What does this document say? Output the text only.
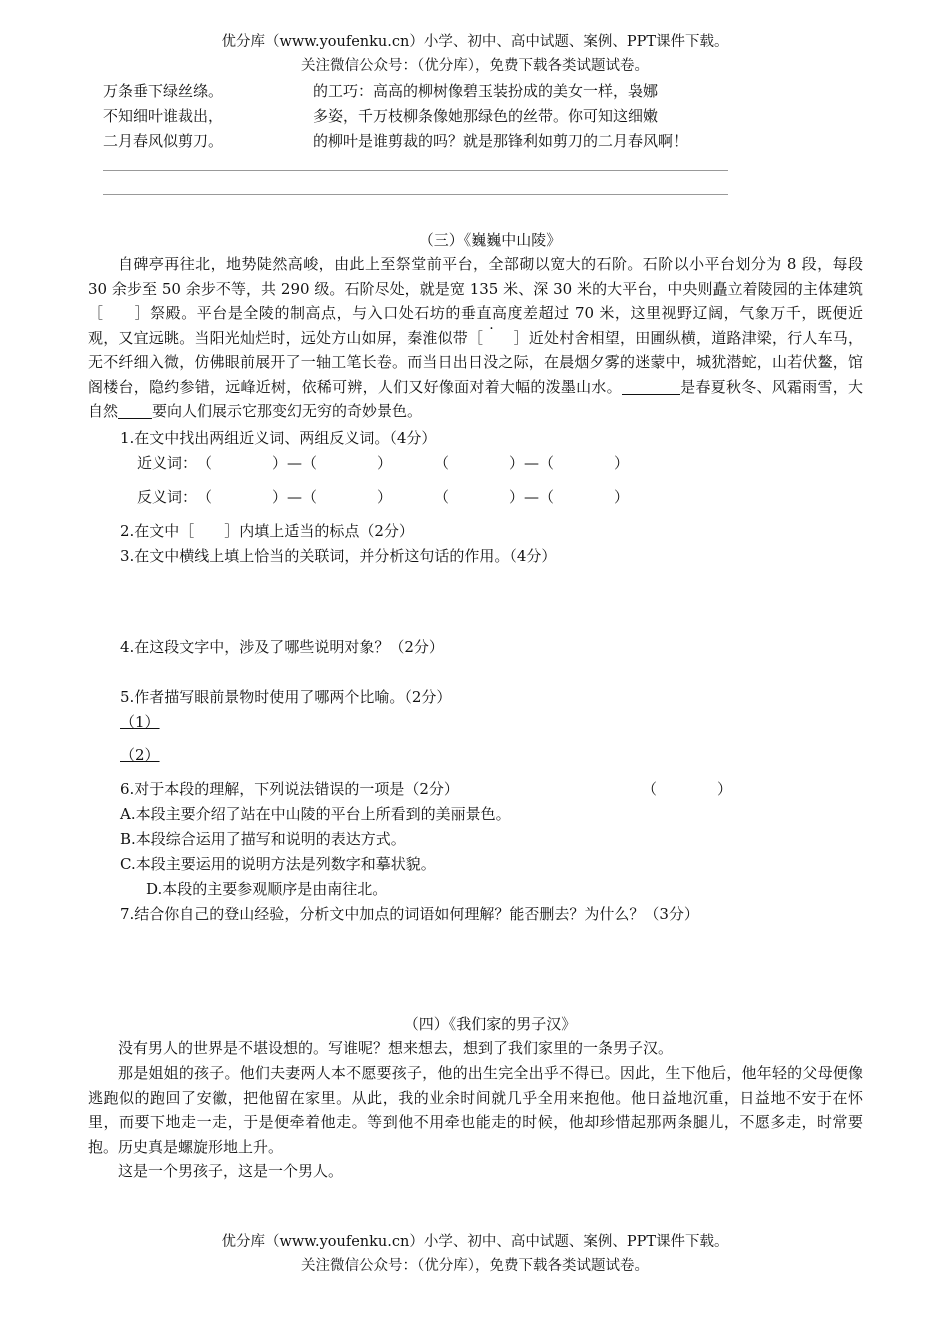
优分库（www.youfenku.cn）小学、初中、高中试题、案例、PPT课件下载。
关注微信公众号：（优分库），免费下载各类试题试卷。
万条垂下绿丝绦。
不知细叶谁裁出，
二月春风似剪刀。
的工巧：高高的柳树像碧玉装扮成的美女一样，袅娜
多姿，千万枝柳条像她那绿色的丝带。你可知这细嫩
的柳叶是谁剪裁的吗？就是那锋利如剪刀的二月春风啊！
（三）《巍巍中山陵》
自碑亭再往北，地势陡然高峻，由此上至祭堂前平台，全部砌以宽大的石阶。石阶以小平台划分为 8 段，每段 30 余步至 50 余步不等，共 290 级。石阶尽处，就是宽 135 米、深 30 米的大平台，中央则矗立着陵园的主体建筑［　　］祭殿。平台是全陵的制高点，与入口处石坊的垂直高度差超过 70 米，这里视野辽阔，气象万千，既便近观，又宜远眺。当阳光灿烂时，远处方山如屏，秦淮似带［　　］近处村舍相望，田圃纵横，道路津梁，行人车马，无不纤细入微，仿佛眼前展开了一轴工笔长卷。而当日出日没之际，在晨烟夕雾的迷蒙中，城犹潜蛇，山若伏鳌，馆阁楼台，隐约参错，远峰近树，依稀可辨，人们又好像面对着大幅的泼墨山水。	是春夏秋冬、风霜雨雪，大自然 要向人们展示它那变幻无穷的奇妙景色。
1.在文中找出两组近义词、两组反义词。（4分）
近义词： （　　　　）—（　　　　）	（　　　　）—（　　　　）
反义词： （　　　　）—（　　　　）	（　　　　）—（　　　　）
2.在文中［　　］内填上适当的标点（2分）
3.在文中横线上填上恰当的关联词，并分析这句话的作用。（4分）
4.在这段文字中，涉及了哪些说明对象？（2分）
5.作者描写眼前景物时使用了哪两个比喻。（2分）
（1）
（2）
6.对于本段的理解，下列说法错误的一项是（2分）	（　　　　）
A.本段主要介绍了站在中山陵的平台上所看到的美丽景色。
B.本段综合运用了描写和说明的表达方式。
C.本段主要运用的说明方法是列数字和摹状貌。
D.本段的主要参观顺序是由南往北。
7.结合你自己的登山经验，分析文中加点的词语如何理解？能否删去？为什么？（3分）
（四）《我们家的男子汉》
没有男人的世界是不堪设想的。写谁呢？想来想去，想到了我们家里的一条男子汉。
那是姐姐的孩子。他们夫妻两人本不愿要孩子，他的出生完全出乎不得已。因此，生下他后，他年轻的父母便像逃跑似的跑回了安徽，把他留在家里。从此，我的业余时间就几乎全用来抱他。他日益地沉重，日益地不安于在怀里，而要下地走一走，于是便牵着他走。等到他不用牵也能走的时候，他却珍惜起那两条腿儿，不愿多走，时常要抱。历史真是螺旋形地上升。
这是一个男孩子，这是一个男人。
优分库（www.youfenku.cn）小学、初中、高中试题、案例、PPT课件下载。
关注微信公众号：（优分库），免费下载各类试题试卷。
